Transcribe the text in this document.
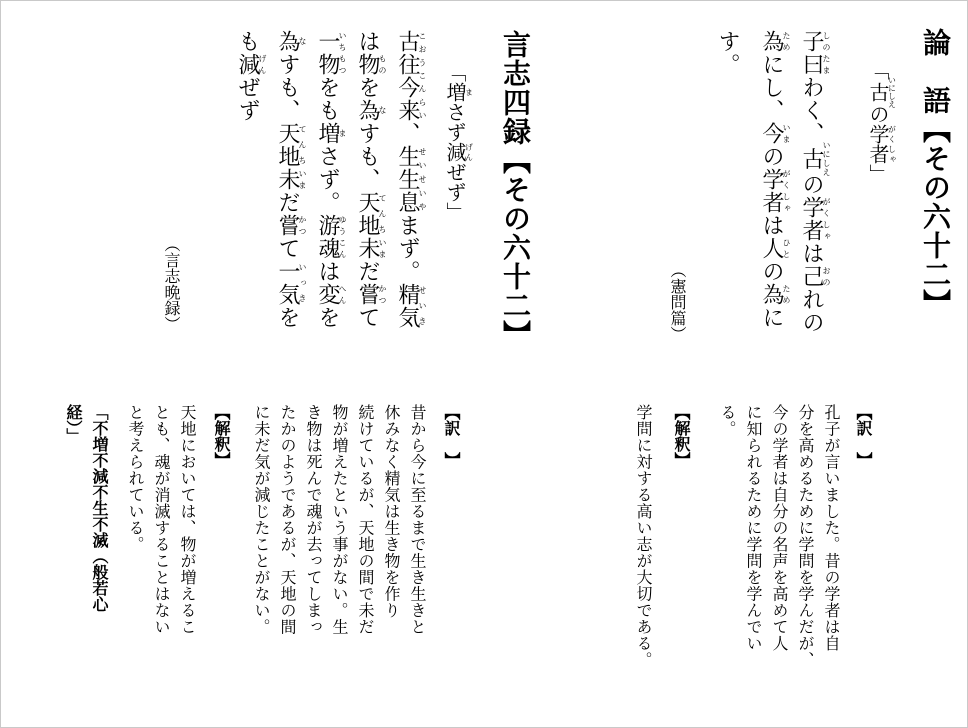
論　語【その六十二】
「古いにしえの学者がくしゃ」
子曰しのたまわく、古いにしえの学者がくしゃは己おのれの
為ためにし、今いまの学者がくしゃは人ひとの為ために
す。
（憲問篇）
言志四録【その六十二】
「増まさず減げんぜず」
古往今来こおうこんらい、生生息せいせいやまず。精気せいき
は物ものを為なすも、天地てんち未いまだ嘗かつて
一物いちもつをも増まさず。游魂ゆうこんは変へんを
為なすも、天地てんち未いまだ嘗かつて一気いっきを
も減げんぜず
（言志晩録）
【訳　】
孔子が言いました。昔の学者は自
分を高めるために学問を学んだが、
今の学者は自分の名声を高めて人
に知られるために学問を学んでい
る。
【解釈】
学問に対する高い志が大切である。
【訳　】
昔から今に至るまで生き生きと
休みなく精気は生き物を作り
続けているが、天地の間で未だ
物が増えたという事がない。生
き物は死んで魂が去ってしまっ
たかのようであるが、天地の間
に未だ気が減じたことがない。
【解釈】
天地においては、物が増えるこ
とも、魂が消滅することはない
と考えられている。
「不増不減不生不滅（般若心
経）」
